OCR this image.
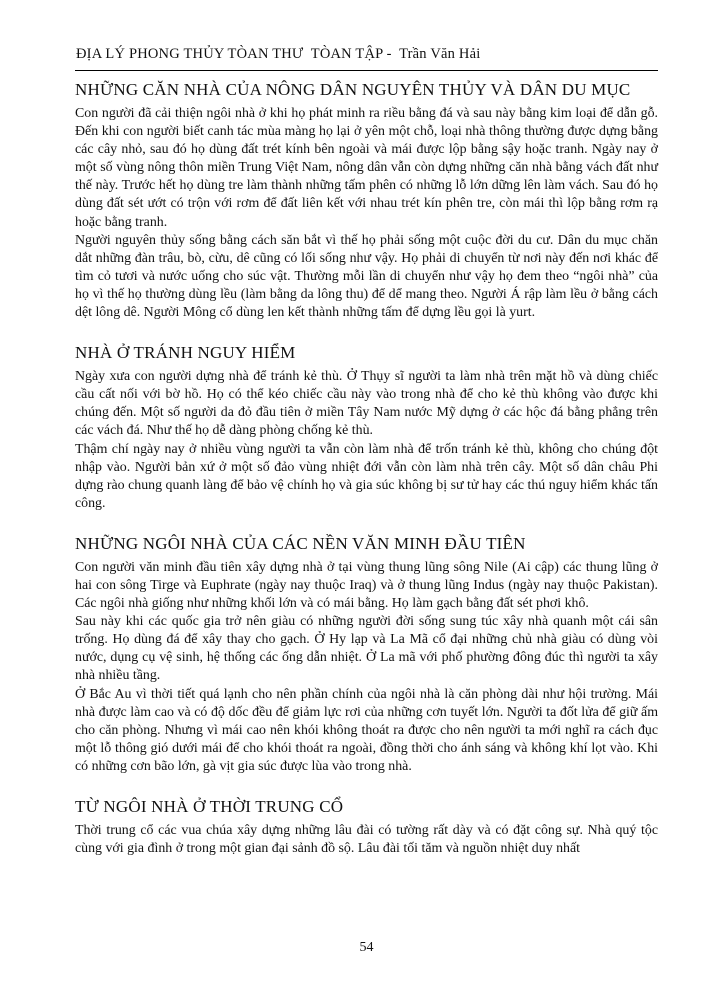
ĐỊA LÝ PHONG THỦY TÒAN THƯ  TÒAN TẬP -  Trần Văn Hải
NHỮNG CĂN NHÀ CỦA NÔNG DÂN NGUYÊN THỦY VÀ DÂN DU MỤC

Con người đã cải thiện ngôi nhà ở khi họ phát minh ra riều bằng đá và sau này bằng kim loại để dẫn gỗ. Đến khi con người biết canh tác mùa màng họ lại ở yên một chỗ, loại nhà thông thường được dựng bằng các cây nhỏ, sau đó họ dùng đất trét kính bên ngoài và mái được lộp bằng sậy hoặc tranh. Ngày nay ở một số vùng nông thôn miền Trung Việt Nam, nông dân vẫn còn dựng những căn nhà bằng vách đất như thế này. Trước hết họ dùng tre làm thành những tấm phên có những lỗ lớn dững lên làm vách. Sau đó họ dùng đất sét ướt có trộn với rơm để đất liên kết với nhau trét kín phên tre, còn mái thì lộp bằng rơm rạ hoặc bằng tranh.

Người nguyên thủy sống bằng cách săn bắt vì thế họ phải sống một cuộc đời du cư. Dân du mục chăn dắt những đàn trâu, bò, cừu, dê cũng có lối sống như vậy. Họ phải di chuyển từ nơi này đến nơi khác để tìm cỏ tươi và nước uống cho súc vật. Thường mỗi lần di chuyển như vậy họ đem theo “ngôi nhà” của họ vì thế họ thường dùng lều (làm bằng da lông thu) để dể mang theo. Người Á rập làm lều ở bằng cách dệt lông dê. Người Mông cổ dùng len kết thành những tấm để dựng lều gọi là yurt.

NHÀ Ở TRÁNH NGUY HIỂM

Ngày xưa con người dựng nhà để tránh kẻ thù. Ở Thụy sĩ người ta làm nhà trên mặt hồ và dùng chiếc cầu cất nối với bờ hồ. Họ có thể kéo chiếc cầu này vào trong nhà để cho kẻ thù không vào được khi chúng đến. Một số người da đỏ đầu tiên ở miền Tây Nam nước Mỹ dựng ở các hộc đá bằng phẳng trên các vách đá. Như thế họ dễ dàng phòng chống kẻ thù.

Thậm chí ngày nay ở nhiều vùng người ta vẫn còn làm nhà để trốn tránh kẻ thù, không cho chúng đột nhập vào. Người bản xứ ở một số đảo vùng nhiệt đới vẫn còn làm nhà trên cây. Một số dân châu Phi dựng rào chung quanh làng để bảo vệ chính họ và gia súc không bị sư tử hay các thú nguy hiểm khác tấn công.

NHỮNG NGÔI NHÀ CỦA CÁC NỀN VĂN MINH ĐẦU TIÊN

Con người văn minh đầu tiên xây dựng nhà ở tại vùng thung lũng sông Nile (Ai cập) các thung lũng ở hai con sông Tirge và Euphrate (ngày nay thuộc Iraq) và ở thung lũng Indus (ngày nay thuộc Pakistan). Các ngôi nhà giống như những khối lớn và có mái bằng. Họ làm gạch bằng đất sét phơi khô.

Sau này khi các quốc gia trở nên giàu có những người đời sống sung túc xây nhà quanh một cái sân trống. Họ dùng đá để xây thay cho gạch. Ở Hy lạp và La Mã cổ đại những chủ nhà giàu có dùng vòi nước, dụng cụ vệ sinh, hệ thống các ống dẫn nhiệt. Ở La mã với phố phường đông đúc thì người ta xây nhà nhiều tầng.

Ở Bắc Au vì thời tiết quá lạnh cho nên phần chính của ngôi nhà là căn phòng dài như hội trường. Mái nhà được làm cao và có độ dốc đều để giảm lực rơi của những cơn tuyết lớn. Người ta đốt lửa để giữ ấm cho căn phòng. Nhưng vì mái cao nên khói không thoát ra được cho nên người ta mới nghĩ ra cách đục một lỗ thông gió dưới mái để cho khói thoát ra ngoài, đồng thời cho ánh sáng và không khí lọt vào. Khi có những cơn bão lớn, gà vịt gia súc được lùa vào trong nhà.

TỪ NGÔI NHÀ Ở THỜI TRUNG CỔ

Thời trung cổ các vua chúa xây dựng những lâu đài có tường rất dày và có đặt công sự. Nhà quý tộc cùng với gia đình ở trong một gian đại sảnh đồ sộ. Lâu đài tối tăm và nguồn nhiệt duy nhất

54
